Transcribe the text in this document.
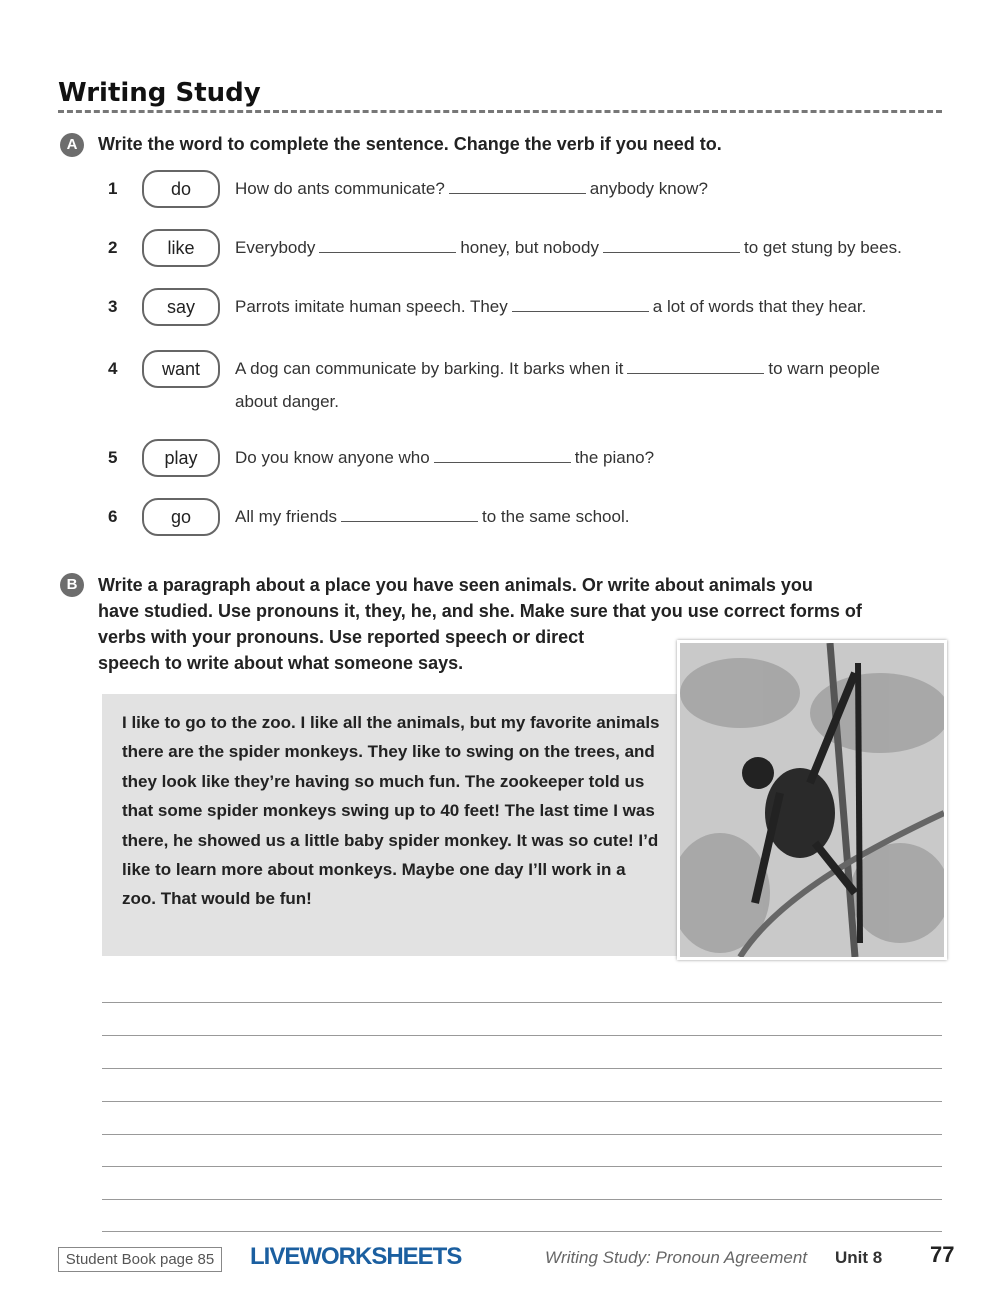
Writing Study
A	Write the word to complete the sentence. Change the verb if you need to.
1	do	How do ants communicate?	anybody know?
2	like	Everybody	honey, but nobody	to get stung by bees.
3	say	Parrots imitate human speech. They	a lot of words that they hear.
4	want	A dog can communicate by barking. It barks when it	to warn people
about danger.
5	play	Do you know anyone who	the piano?
6	go	All my friends	to the same school.
B	Write a paragraph about a place you have seen animals. Or write about animals you
have studied. Use pronouns it, they, he, and she. Make sure that you use correct forms of
verbs with your pronouns. Use reported speech or direct
speech to write about what someone says.
I like to go to the zoo. I like all the animals, but my favorite animals there are the spider monkeys. They like to swing on the trees, and they look like they’re having so much fun. The zookeeper told us that some spider monkeys swing up to 40 feet! The last time I was there, he showed us a little baby spider monkey. It was so cute! I’d like to learn more about monkeys. Maybe one day I’ll work in a zoo. That would be fun!
Student Book page 85	LIVEWORKSHEETS	Writing Study: Pronoun Agreement Unit 8 77
